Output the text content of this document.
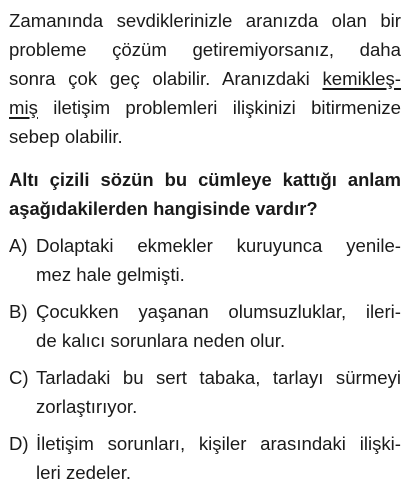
Zamanında sevdiklerinizle aranızda olan bir
probleme çözüm getiremiyorsanız, daha
sonra çok geç olabilir. Aranızdaki kemikleş-
miş iletişim problemleri ilişkinizi bitirmenize
sebep olabilir.
Altı çizili sözün bu cümleye kattığı anlam
aşağıdakilerden hangisinde vardır?
A) Dolaptaki ekmekler kuruyunca yenile-
mez hale gelmişti.
B) Çocukken yaşanan olumsuzluklar, ileri-
de kalıcı sorunlara neden olur.
C) Tarladaki bu sert tabaka, tarlayı sürmeyi
zorlaştırıyor.
D) İletişim sorunları, kişiler arasındaki ilişki-
leri zedeler.
